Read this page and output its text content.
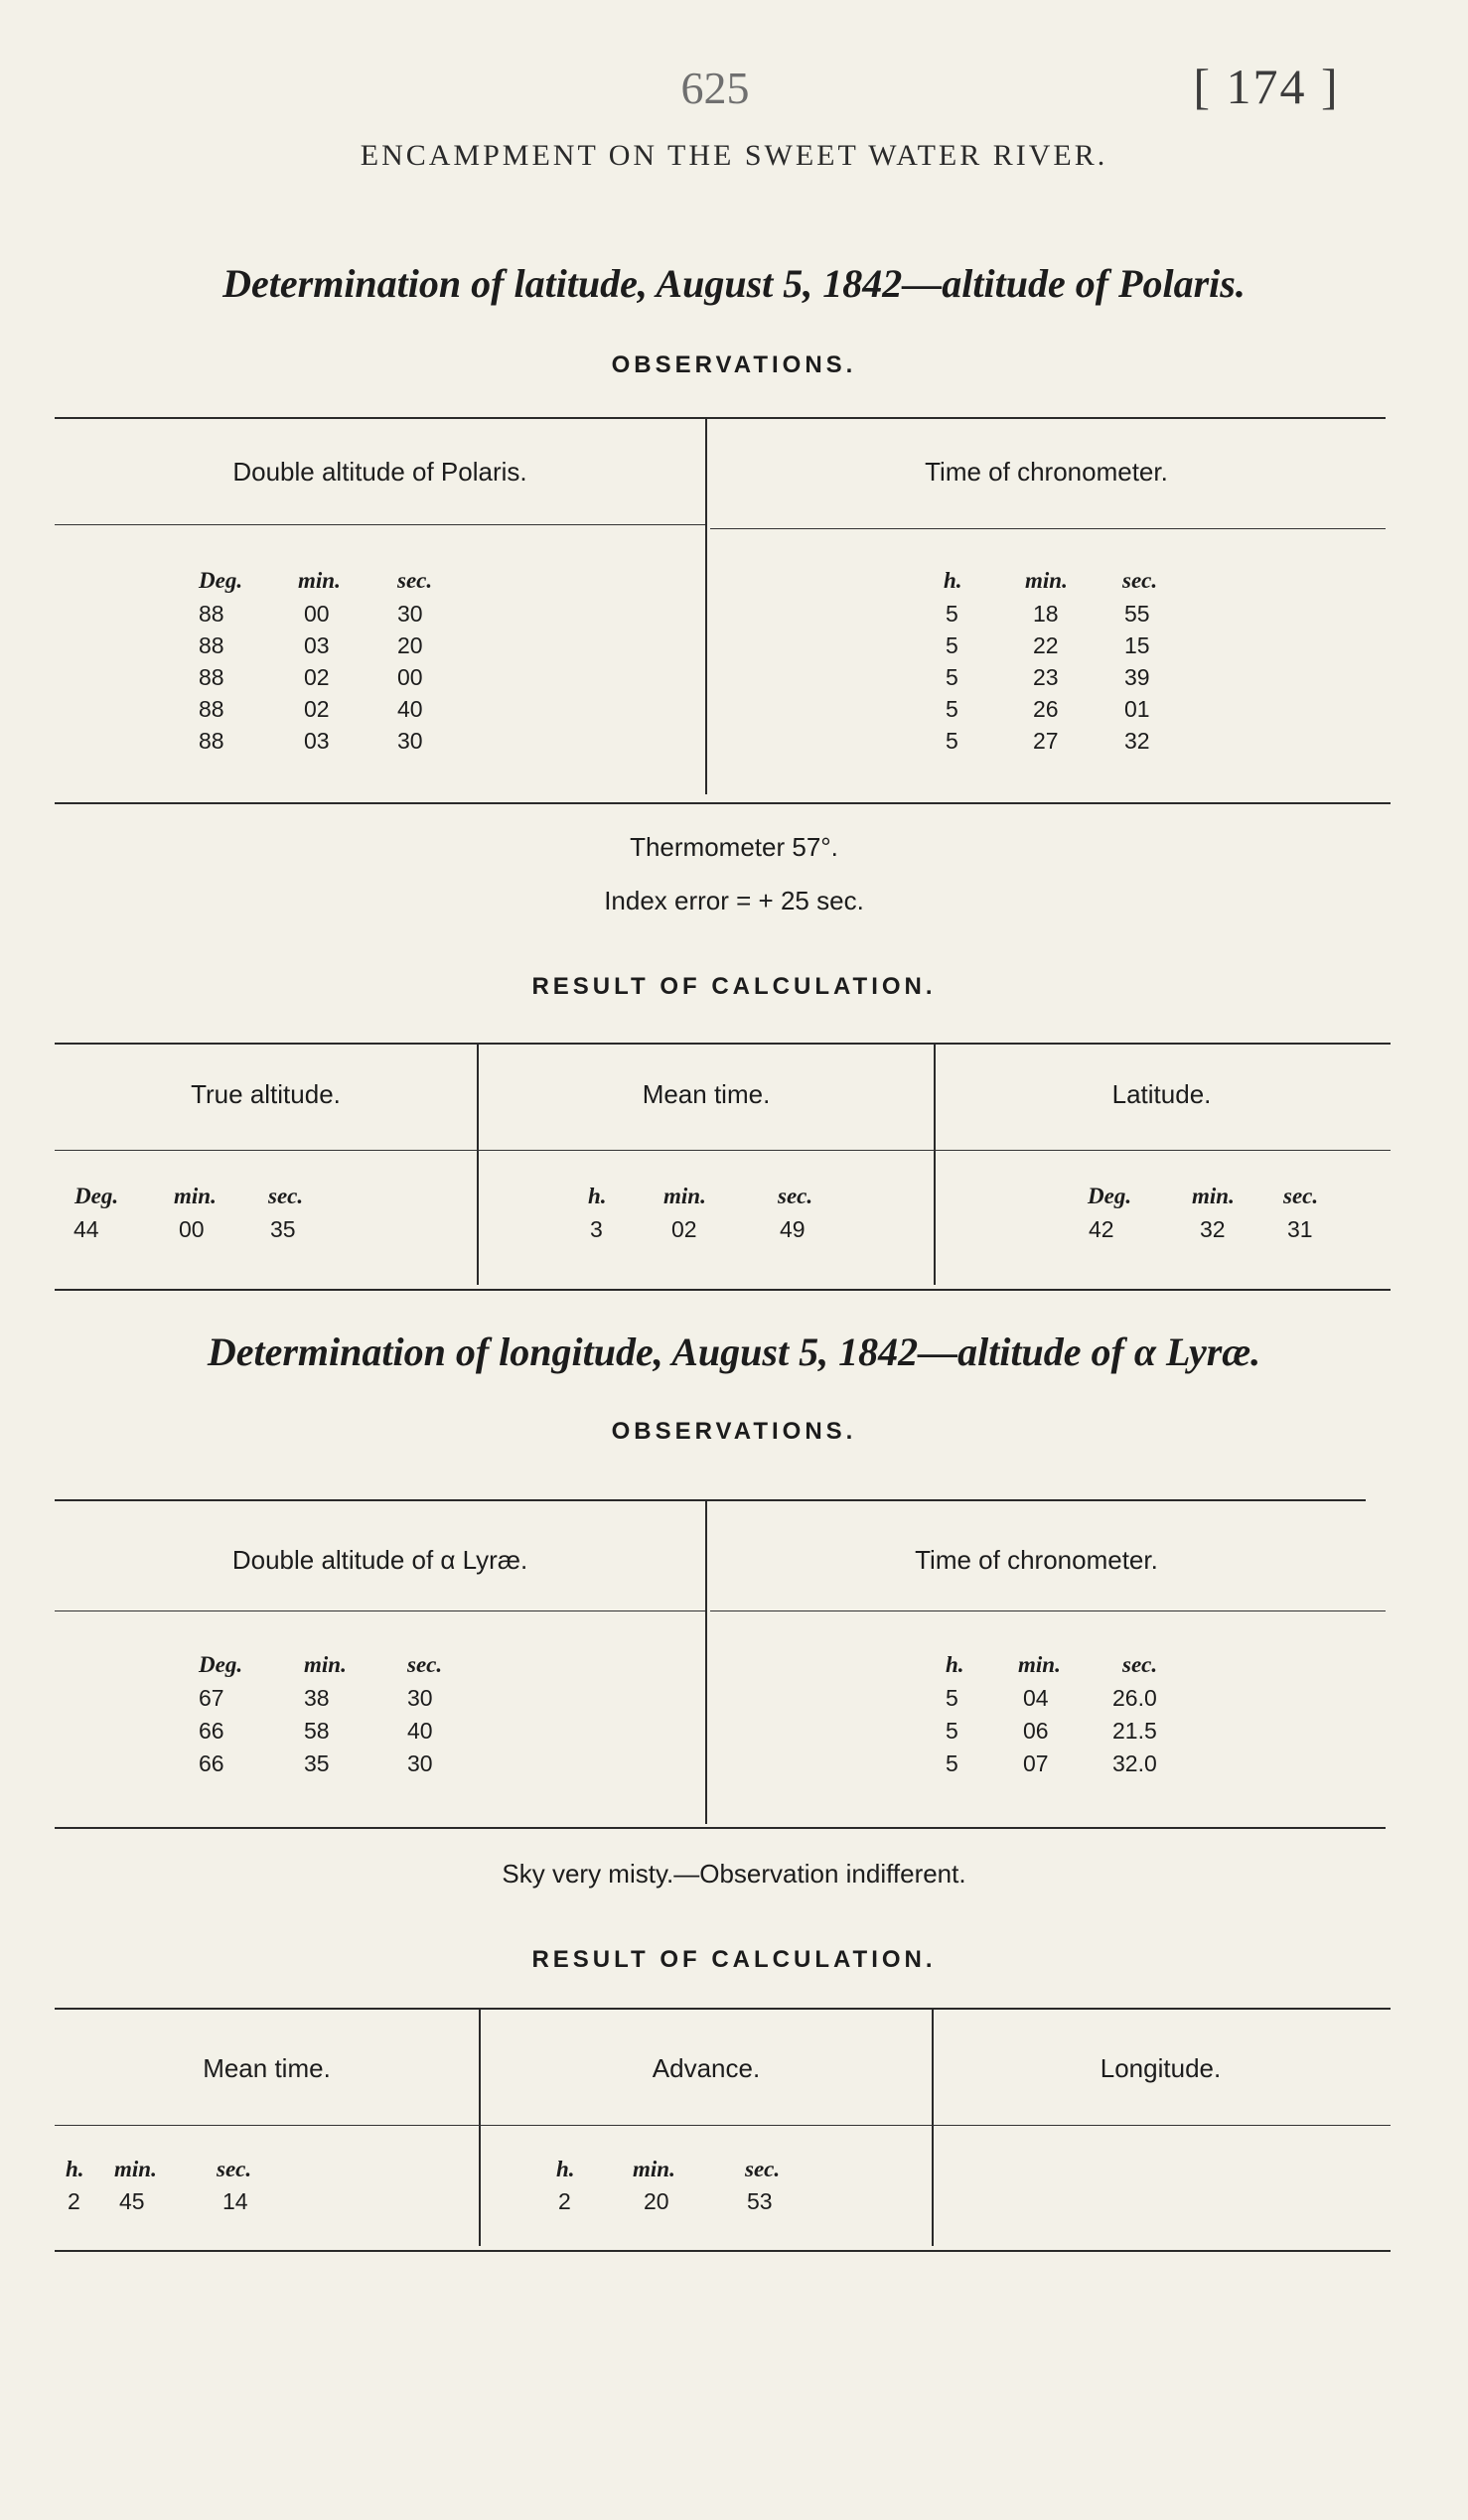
625	[ 174 ]
ENCAMPMENT ON THE SWEET WATER RIVER.
Determination of latitude, August 5, 1842—altitude of Polaris.
OBSERVATIONS.
Double altitude of Polaris.	Time of chronometer.
Deg. min. sec.	h.	min. sec.
88	00	30	5	18	55
88	03	20	5	22	15
88	02	00	5	23	39
88	02	40	5	26	01
88	03	30	5	27	32
Thermometer 57°.
Index error = + 25 sec.
RESULT OF CALCULATION.
True altitude.	Mean time.	Latitude.
Deg. min. sec.	h. min.	sec.	Deg.	min. sec.
44	00	35	3	02	49	42	32	31
Determination of longitude, August 5, 1842—altitude of α Lyræ.
OBSERVATIONS.
Double altitude of α Lyræ.	Time of chronometer.
Deg.	min.	sec.	h. min.	sec.
67	38	30	5	04	26.0
66	58	40	5	06	21.5
66	35	30	5	07	32.0
Sky very misty.—Observation indifferent.
RESULT OF CALCULATION.
Mean time.	Advance.	Longitude.
h. min.	sec.	h.	min.	sec.
2 45	14	2	20	53
